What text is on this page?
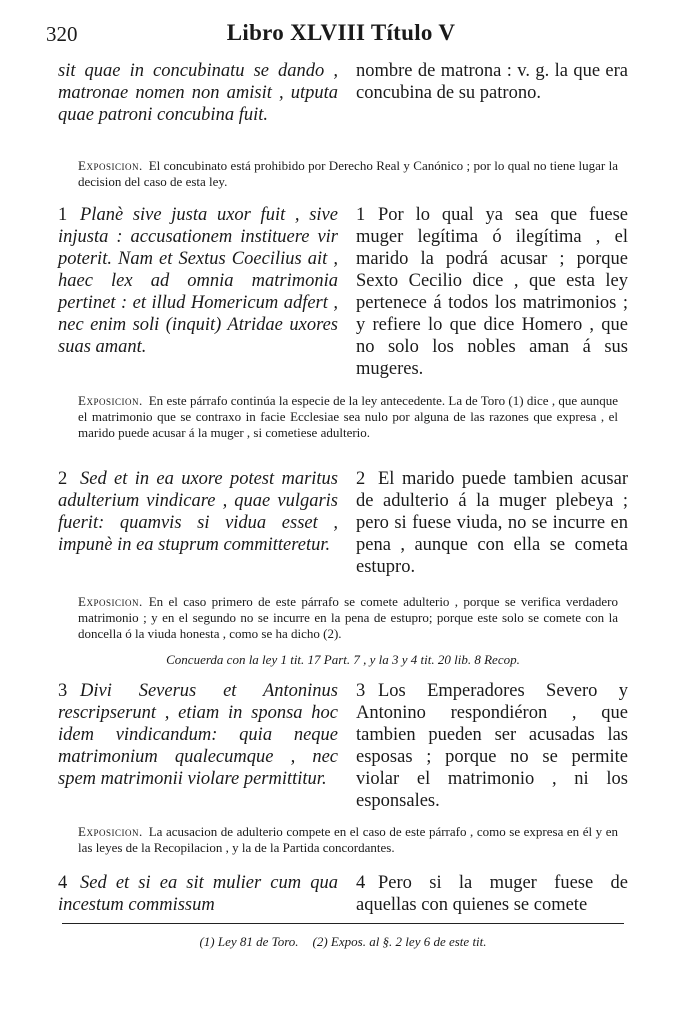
320	Libro XLVIII Título V
sit quae in concubinatu se dando , matronae nomen non amisit , utputa quae patroni concubina fuit.
nombre de matrona : v. g. la que era concubina de su patrono.
Exposicion. El concubinato está prohibido por Derecho Real y Canónico ; por lo qual no tiene lugar la decision del caso de esta ley.
1 Planè sive justa uxor fuit , sive injusta : accusationem instituere vir poterit. Nam et Sextus Coecilius ait , haec lex ad omnia matrimonia pertinet : et illud Homericum adfert , nec enim soli (inquit) Atridae uxores suas amant.
1 Por lo qual ya sea que fuese muger legítima ó ilegítima , el marido la podrá acusar ; porque Sexto Cecilio dice , que esta ley pertenece á todos los matrimonios ; y refiere lo que dice Homero , que no solo los nobles aman á sus mugeres.
Exposicion. En este párrafo continúa la especie de la ley antecedente. La de Toro (1) dice , que aunque el matrimonio que se contraxo in facie Ecclesiae sea nulo por alguna de las razones que expresa , el marido puede acusar á la muger , si cometiese adulterio.
2 Sed et in ea uxore potest maritus adulterium vindicare , quae vulgaris fuerit: quamvis si vidua esset , impunè in ea stuprum committeretur.
2 El marido puede tambien acusar de adulterio á la muger plebeya ; pero si fuese viuda, no se incurre en pena , aunque con ella se cometa estupro.
Exposicion. En el caso primero de este párrafo se comete adulterio , porque se verifica verdadero matrimonio ; y en el segundo no se incurre en la pena de estupro; porque este solo se comete con la doncella ó la viuda honesta , como se ha dicho (2).
Concuerda con la ley 1 tit. 17 Part. 7 , y la 3 y 4 tit. 20 lib. 8 Recop.
3 Divi Severus et Antoninus rescripserunt , etiam in sponsa hoc idem vindicandum: quia neque matrimonium qualecumque , nec spem matrimonii violare permittitur.
3 Los Emperadores Severo y Antonino respondiéron , que tambien pueden ser acusadas las esposas ; porque no se permite violar el matrimonio , ni los esponsales.
Exposicion. La acusacion de adulterio compete en el caso de este párrafo , como se expresa en él y en las leyes de la Recopilacion , y la de la Partida concordantes.
4 Sed et si ea sit mulier cum qua incestum commissum
4 Pero si la muger fuese de aquellas con quienes se comete
(1) Ley 81 de Toro. (2) Expos. al §. 2 ley 6 de este tit.
